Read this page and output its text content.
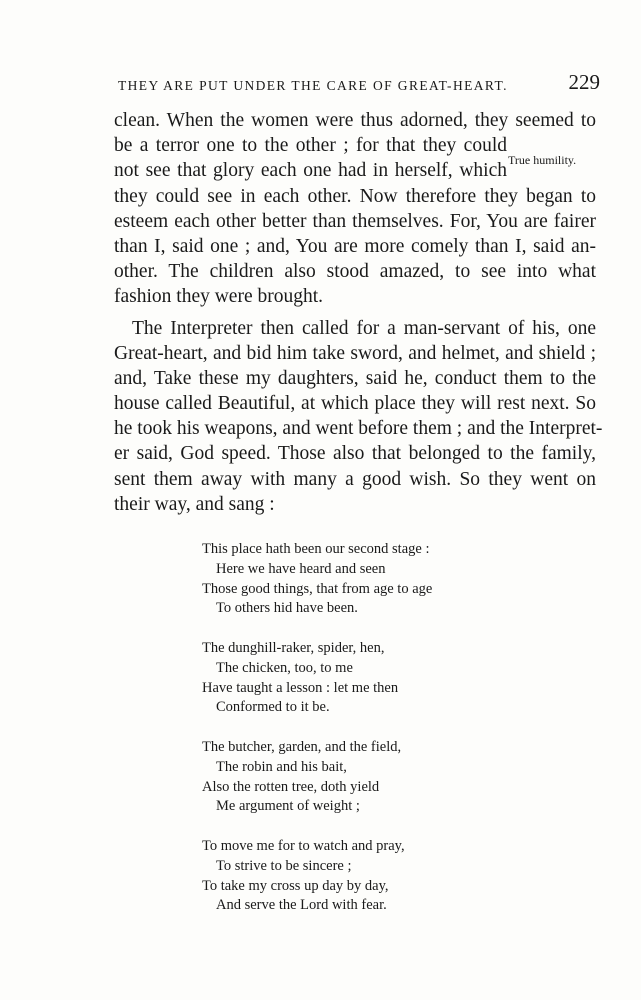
THEY ARE PUT UNDER THE CARE OF GREAT-HEART.	229
True humility.
clean. When the women were thus adorned, they seemed to
be a terror one to the other ; for that they could
not see that glory each one had in herself, which
they could see in each other. Now therefore they began to
esteem each other better than themselves. For, You are fairer
than I, said one ; and, You are more comely than I, said an-
other. The children also stood amazed, to see into what
fashion they were brought.
The Interpreter then called for a man-servant of his, one
Great-heart, and bid him take sword, and helmet, and shield ;
and, Take these my daughters, said he, conduct them to the
house called Beautiful, at which place they will rest next. So
he took his weapons, and went before them ; and the Interpret-
er said, God speed. Those also that belonged to the family,
sent them away with many a good wish. So they went on
their way, and sang :
This place hath been our second stage :
Here we have heard and seen
Those good things, that from age to age
To others hid have been.
The dunghill-raker, spider, hen,
The chicken, too, to me
Have taught a lesson : let me then
Conformed to it be.
The butcher, garden, and the field,
The robin and his bait,
Also the rotten tree, doth yield
Me argument of weight ;
To move me for to watch and pray,
To strive to be sincere ;
To take my cross up day by day,
And serve the Lord with fear.
